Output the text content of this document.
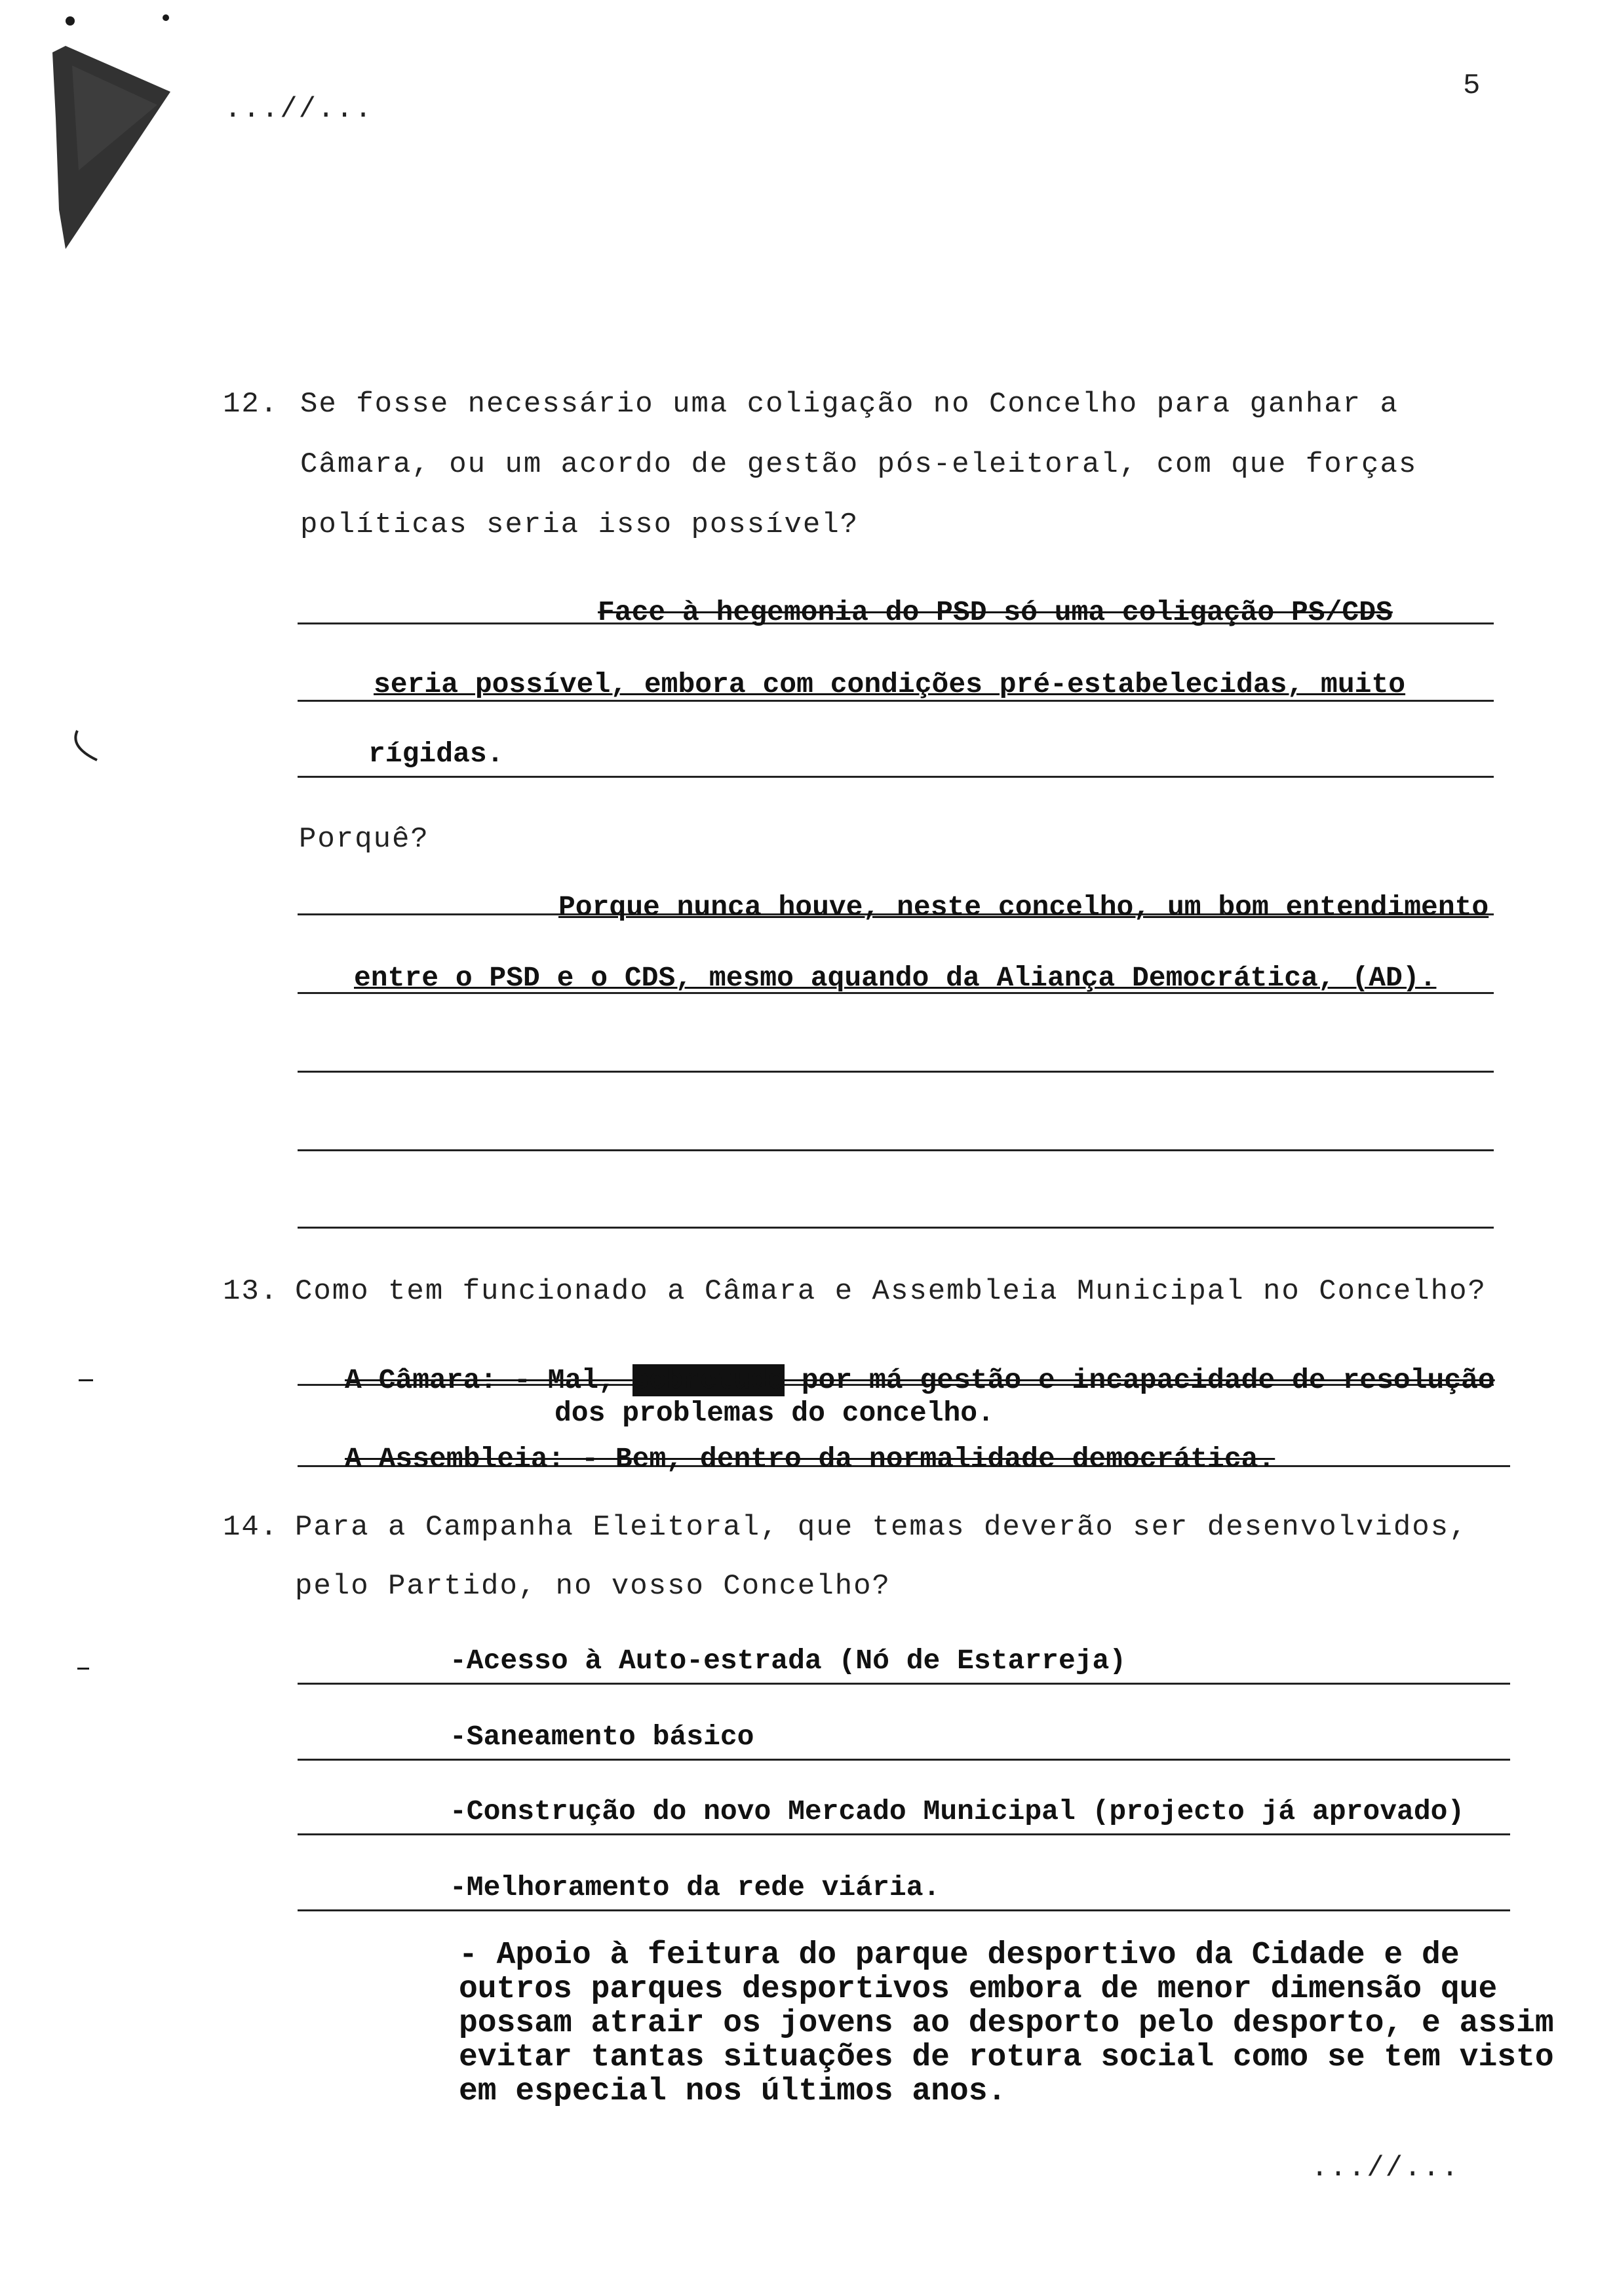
...//...
5
12. Se fosse necessário uma coligação no Concelho para ganhar a
Câmara, ou um acordo de gestão pós-eleitoral, com que forças
políticas seria isso possível?
Face à hegemonia do PSD só uma coligação PS/CDS
seria possível, embora com condições pré-estabelecidas, muito
rígidas.
Porquê?
Porque nunca houve, neste concelho, um bom entendimento
entre o PSD e o CDS, mesmo aquando da Aliança Democrática, (AD).
13. Como tem funcionado a Câmara e Assembleia Municipal no Concelho?
A Câmara: - Mal, sobretudo por má gestão e incapacidade de resolução
dos problemas do concelho.
A Assembleia: - Bem, dentro da normalidade democrática.
14. Para a Campanha Eleitoral, que temas deverão ser desenvolvidos,
pelo Partido, no vosso Concelho?
-Acesso à Auto-estrada (Nó de Estarreja)
-Saneamento básico
-Construção do novo Mercado Municipal (projecto já aprovado)
-Melhoramento da rede viária.
- Apoio à feitura do parque desportivo da Cidade e de outros parques desportivos embora de menor dimensão que possam atrair os jovens ao desporto pelo desporto, e assim evitar tantas situações de rotura social como se tem visto em especial nos últimos anos.
...//...
